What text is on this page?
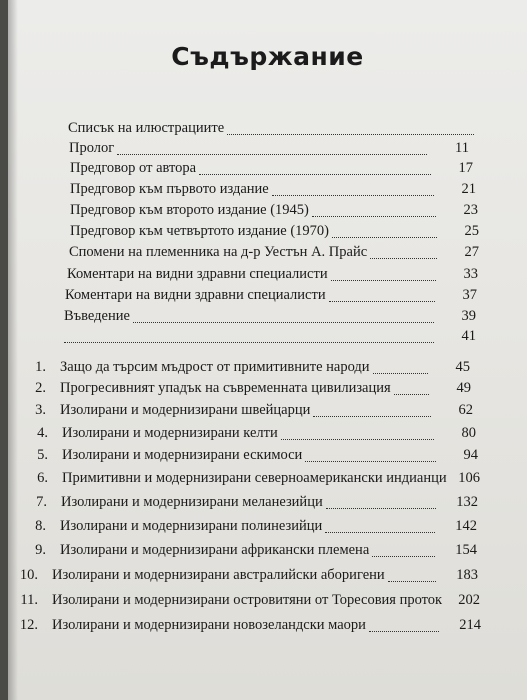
Съдържание
Списък на илюстрациите
Пролог	11
Предговор от автора	17
Предговор към първото издание	21
Предговор към второто издание (1945)	23
Предговор към четвъртото издание (1970)	25
Спомени на племенника на д-р Уестън А. Прайс	27
Коментари на видни здравни специалисти	33
Коментари на видни здравни специалисти	37
Въведение	39
41
1. Защо да търсим мъдрост от примитивните народи	45
2. Прогресивният упадък на съвременната цивилизация	49
3. Изолирани и модернизирани швейцарци	62
4. Изолирани и модернизирани келти	80
5. Изолирани и модернизирани ескимоси	94
6. Примитивни и модернизирани северноамерикански индианци 106
7. Изолирани и модернизирани меланезийци	132
8. Изолирани и модернизирани полинезийци	142
9. Изолирани и модернизирани африкански племена	154
10. Изолирани и модернизирани австралийски аборигени	183
11. Изолирани и модернизирани островитяни от Торесовия проток	202
12. Изолирани и модернизирани новозеландски маори	214
